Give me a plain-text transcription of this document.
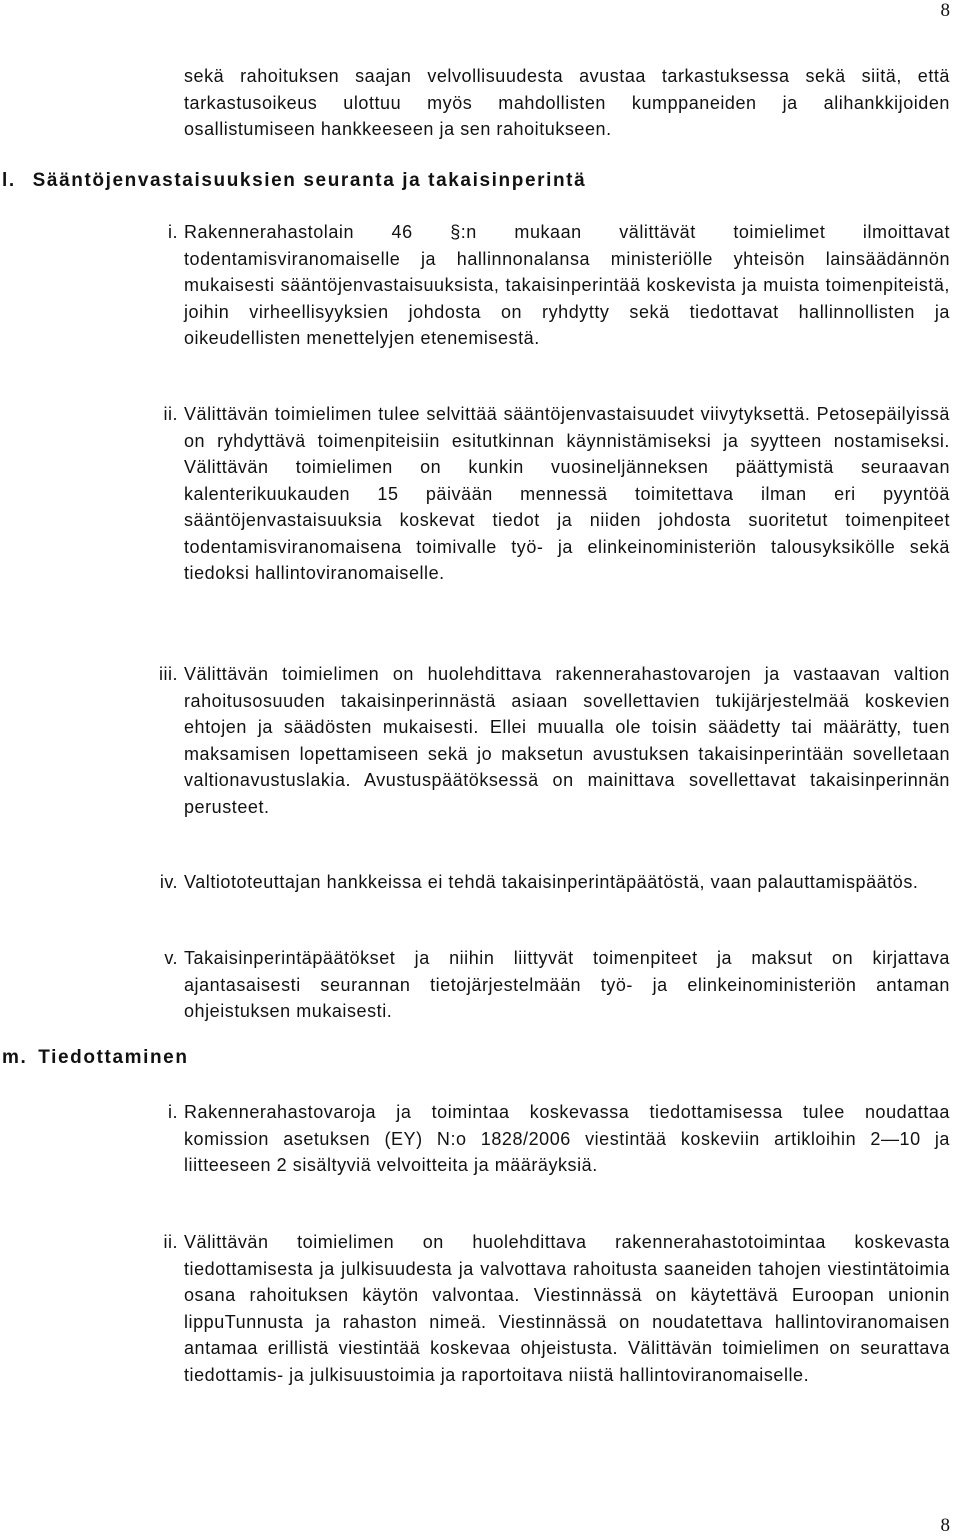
8
sekä rahoituksen saajan velvollisuudesta avustaa tarkastuksessa sekä siitä, että tarkastusoikeus ulottuu myös mahdollisten kumppaneiden ja alihankkijoiden osallistumiseen hankkeeseen ja sen rahoitukseen.
l. Sääntöjenvastaisuuksien seuranta ja takaisinperintä
i. Rakennerahastolain 46 §:n mukaan välittävät toimielimet ilmoittavat todentamisviranomaiselle ja hallinnonalansa ministeriölle yhteisön lainsäädännön mukaisesti sääntöjenvastaisuuksista, takaisinperintää koskevista ja muista toimenpiteistä, joihin virheellisyyksien johdosta on ryhdytty sekä tiedottavat hallinnollisten ja oikeudellisten menettelyjen etenemisestä.
ii. Välittävän toimielimen tulee selvittää sääntöjenvastaisuudet viivytyksettä. Petosepäilyissä on ryhdyttävä toimenpiteisiin esitutkinnan käynnistämiseksi ja syytteen nostamiseksi. Välittävän toimielimen on kunkin vuosineljänneksen päättymistä seuraavan kalenterikuukauden 15 päivään mennessä toimitettava ilman eri pyyntöä sääntöjenvastaisuuksia koskevat tiedot ja niiden johdosta suoritetut toimenpiteet todentamisviranomaisena toimivalle työ- ja elinkeinoministeriön talousyksikölle sekä tiedoksi hallintoviranomaiselle.
iii. Välittävän toimielimen on huolehdittava rakennerahastovarojen ja vastaavan valtion rahoitusosuuden takaisinperinnästä asiaan sovellettavien tukijärjestelmää koskevien ehtojen ja säädösten mukaisesti. Ellei muualla ole toisin säädetty tai määrätty, tuen maksamisen lopettamiseen sekä jo maksetun avustuksen takaisinperintään sovelletaan valtionavustuslakia. Avustuspäätöksessä on mainittava sovellettavat takaisinperinnän perusteet.
iv. Valtiototeuttajan hankkeissa ei tehdä takaisinperintäpäätöstä, vaan palauttamispäätös.
v. Takaisinperintäpäätökset ja niihin liittyvät toimenpiteet ja maksut on kirjattava ajantasaisesti seurannan tietojärjestelmään työ- ja elinkeinoministeriön antaman ohjeistuksen mukaisesti.
m. Tiedottaminen
i. Rakennerahastovaroja ja toimintaa koskevassa tiedottamisessa tulee noudattaa komission asetuksen (EY) N:o 1828/2006 viestintää koskeviin artikloihin 2—10 ja liitteeseen 2 sisältyviä velvoitteita ja määräyksiä.
ii. Välittävän toimielimen on huolehdittava rakennerahastotoimintaa koskevasta tiedottamisesta ja julkisuudesta ja valvottava rahoitusta saaneiden tahojen viestintätoimia osana rahoituksen käytön valvontaa. Viestinnässä on käytettävä Euroopan unionin lippuTunnusta ja rahaston nimeä. Viestinnässä on noudatettava hallintoviranomaisen antamaa erillistä viestintää koskevaa ohjeistusta. Välittävän toimielimen on seurattava tiedottamis- ja julkisuustoimia ja raportoitava niistä hallintoviranomaiselle.
8
